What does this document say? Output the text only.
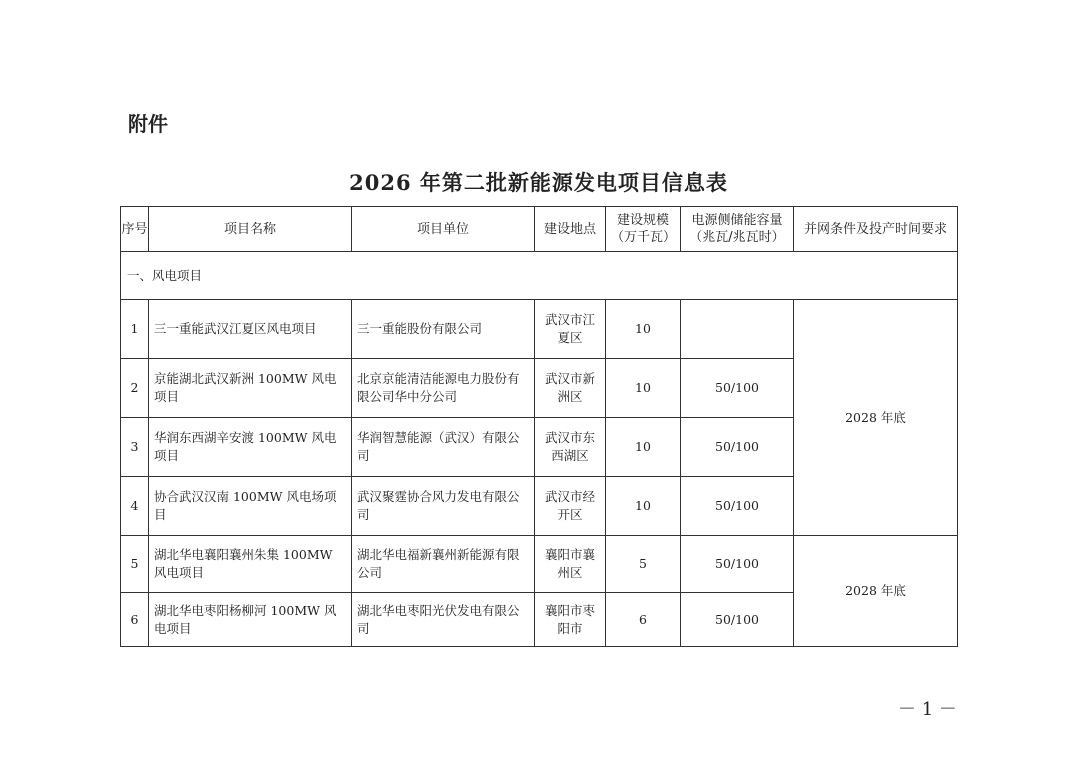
附件
2026 年第二批新能源发电项目信息表
序号	项目名称	项目单位	建设地点	建设规模（万千瓦）	电源侧储能容量（兆瓦/兆瓦时）	并网条件及投产时间要求
一、风电项目						
1	三一重能武汉江夏区风电项目	三一重能股份有限公司	武汉市江夏区	10		2028 年底
2	京能湖北武汉新洲 100MW 风电项目	北京京能清洁能源电力股份有限公司华中分公司	武汉市新洲区	10	50/100	
3	华润东西湖辛安渡 100MW 风电项目	华润智慧能源（武汉）有限公司	武汉市东西湖区	10	50/100	
4	协合武汉汉南 100MW 风电场项目	武汉聚霆协合风力发电有限公司	武汉市经开区	10	50/100	
5	湖北华电襄阳襄州朱集 100MW 风电项目	湖北华电福新襄州新能源有限公司	襄阳市襄州区	5	50/100	2028 年底
6	湖北华电枣阳杨柳河 100MW 风电项目	湖北华电枣阳光伏发电有限公司	襄阳市枣阳市	6	50/100	
－ 1 －
